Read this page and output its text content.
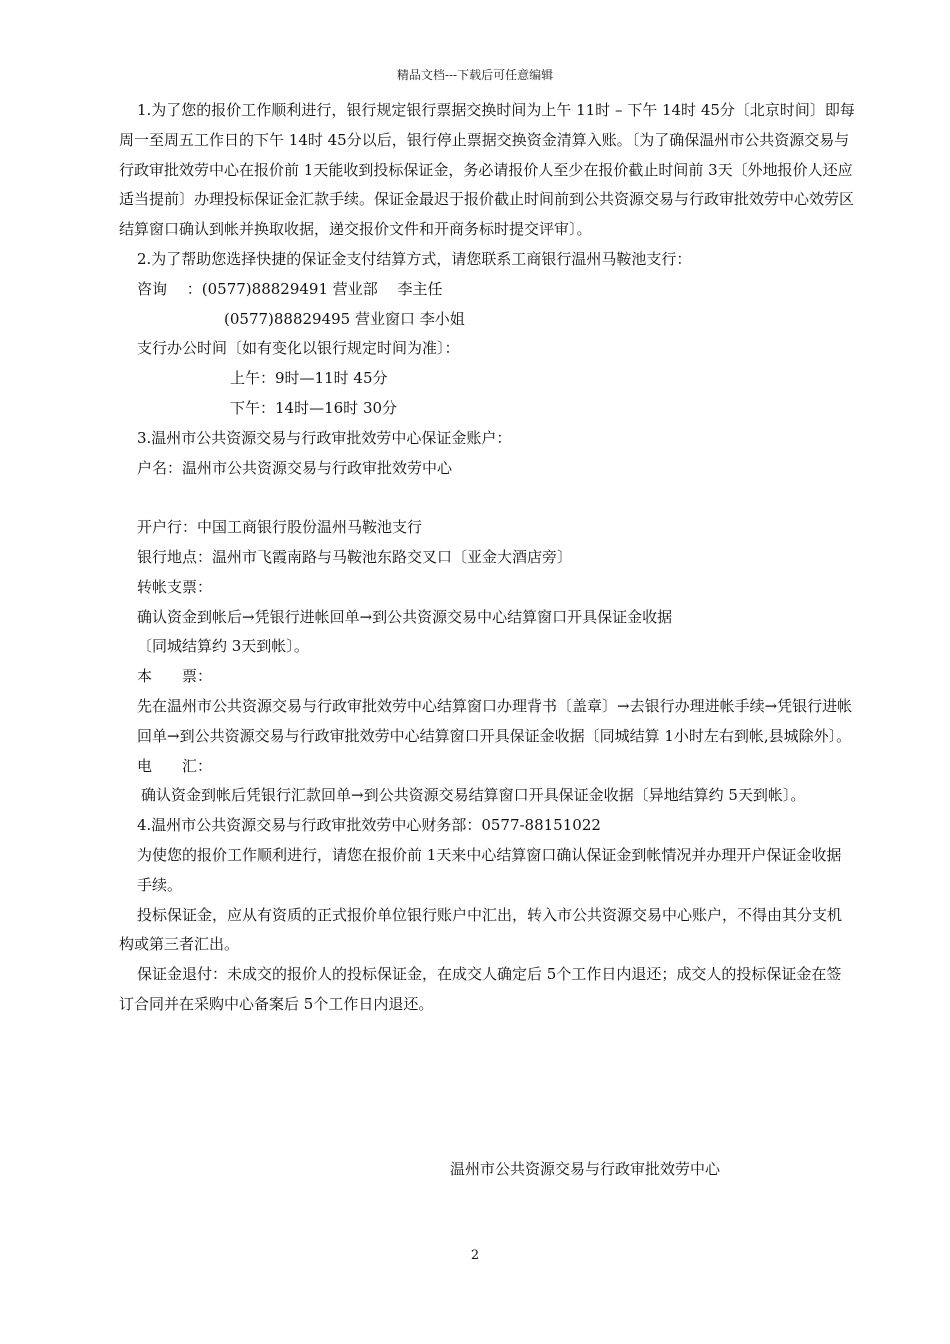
精品文档---下载后可任意编辑

1.为了您的报价工作顺利进行，银行规定银行票据交换时间为上午 11时 – 下午 14时 45分〔北京时间〕即每周一至周五工作日的下午 14时 45分以后，银行停止票据交换资金清算入账。〔为了确保温州市公共资源交易与行政审批效劳中心在报价前 1天能收到投标保证金，务必请报价人至少在报价截止时间前 3天〔外地报价人还应适当提前〕办理投标保证金汇款手续。保证金最迟于报价截止时间前到公共资源交易与行政审批效劳中心效劳区结算窗口确认到帐并换取收据，递交报价文件和开商务标时提交评审〕。

2.为了帮助您选择快捷的保证金支付结算方式，请您联系工商银行温州马鞍池支行：

咨询　 ：(0577)88829491 营业部　 李主任

(0577)88829495 营业窗口 李小姐

支行办公时间〔如有变化以银行规定时间为准〕：

上午：9时—11时 45分

下午：14时—16时 30分

3.温州市公共资源交易与行政审批效劳中心保证金账户：

户名：温州市公共资源交易与行政审批效劳中心

开户行：中国工商银行股份温州马鞍池支行

银行地点：温州市飞霞南路与马鞍池东路交叉口〔亚金大酒店旁〕

转帐支票：

确认资金到帐后→凭银行进帐回单→到公共资源交易中心结算窗口开具保证金收据

〔同城结算约 3天到帐〕。

本　　票：

先在温州市公共资源交易与行政审批效劳中心结算窗口办理背书〔盖章〕→去银行办理进帐手续→凭银行进帐回单→到公共资源交易与行政审批效劳中心结算窗口开具保证金收据〔同城结算 1小时左右到帐,县城除外〕。

电　　汇：

确认资金到帐后凭银行汇款回单→到公共资源交易结算窗口开具保证金收据〔异地结算约 5天到帐〕。

4.温州市公共资源交易与行政审批效劳中心财务部：0577-88151022

为使您的报价工作顺利进行，请您在报价前 1天来中心结算窗口确认保证金到帐情况并办理开户保证金收据手续。

投标保证金，应从有资质的正式报价单位银行账户中汇出，转入市公共资源交易中心账户，不得由其分支机构或第三者汇出。

保证金退付：未成交的报价人的投标保证金，在成交人确定后 5个工作日内退还；成交人的投标保证金在签订合同并在采购中心备案后 5个工作日内退还。

温州市公共资源交易与行政审批效劳中心
2
